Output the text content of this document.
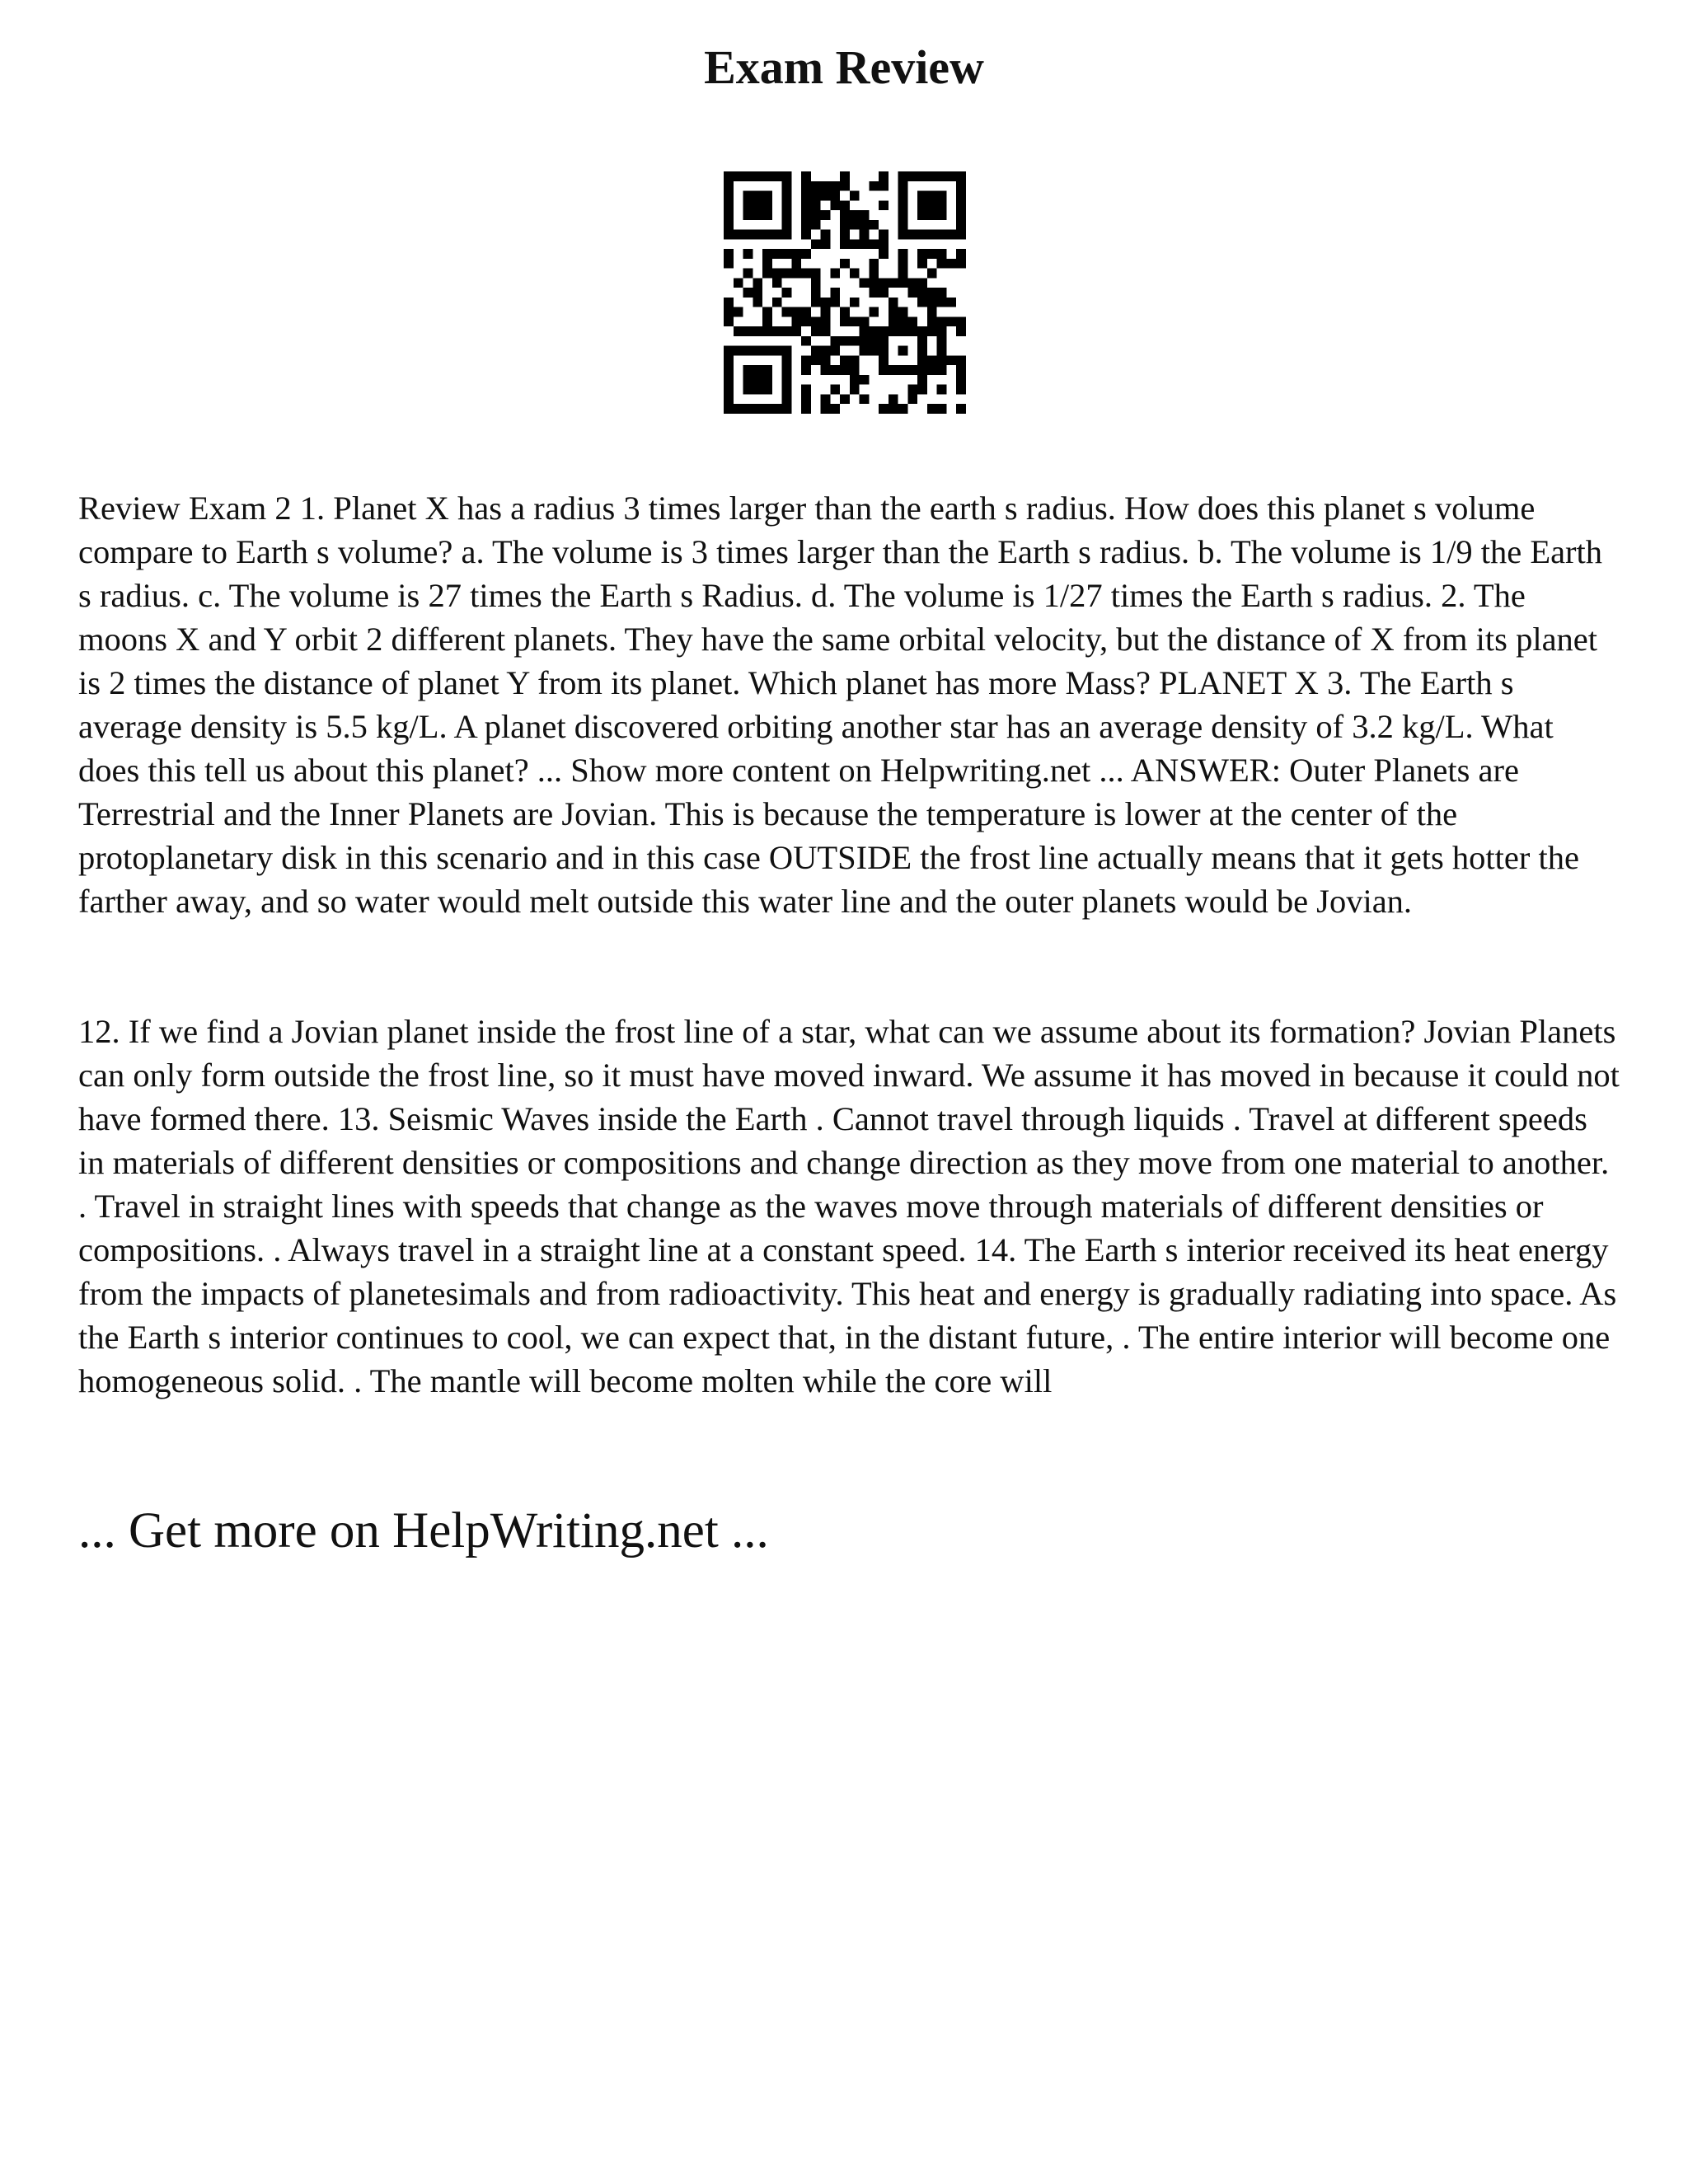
Exam Review

Review Exam 2 1. Planet X has a radius 3 times larger than the earth s radius. How does this planet s volume compare to Earth s volume? a. The volume is 3 times larger than the Earth s radius. b. The volume is 1/9 the Earth s radius. c. The volume is 27 times the Earth s Radius. d. The volume is 1/27 times the Earth s radius. 2. The moons X and Y orbit 2 different planets. They have the same orbital velocity, but the distance of X from its planet is 2 times the distance of planet Y from its planet. Which planet has more Mass? PLANET X 3. The Earth s average density is 5.5 kg/L. A planet discovered orbiting another star has an average density of 3.2 kg/L. What does this tell us about this planet? ... Show more content on Helpwriting.net ... ANSWER: Outer Planets are Terrestrial and the Inner Planets are Jovian. This is because the temperature is lower at the center of the protoplanetary disk in this scenario and in this case OUTSIDE the frost line actually means that it gets hotter the farther away, and so water would melt outside this water line and the outer planets would be Jovian.

12. If we find a Jovian planet inside the frost line of a star, what can we assume about its formation? Jovian Planets can only form outside the frost line, so it must have moved inward. We assume it has moved in because it could not have formed there. 13. Seismic Waves inside the Earth . Cannot travel through liquids . Travel at different speeds in materials of different densities or compositions and change direction as they move from one material to another. . Travel in straight lines with speeds that change as the waves move through materials of different densities or compositions. . Always travel in a straight line at a constant speed. 14. The Earth s interior received its heat energy from the impacts of planetesimals and from radioactivity. This heat and energy is gradually radiating into space. As the Earth s interior continues to cool, we can expect that, in the distant future, . The entire interior will become one homogeneous solid. . The mantle will become molten while the core will

... Get more on HelpWriting.net ...
